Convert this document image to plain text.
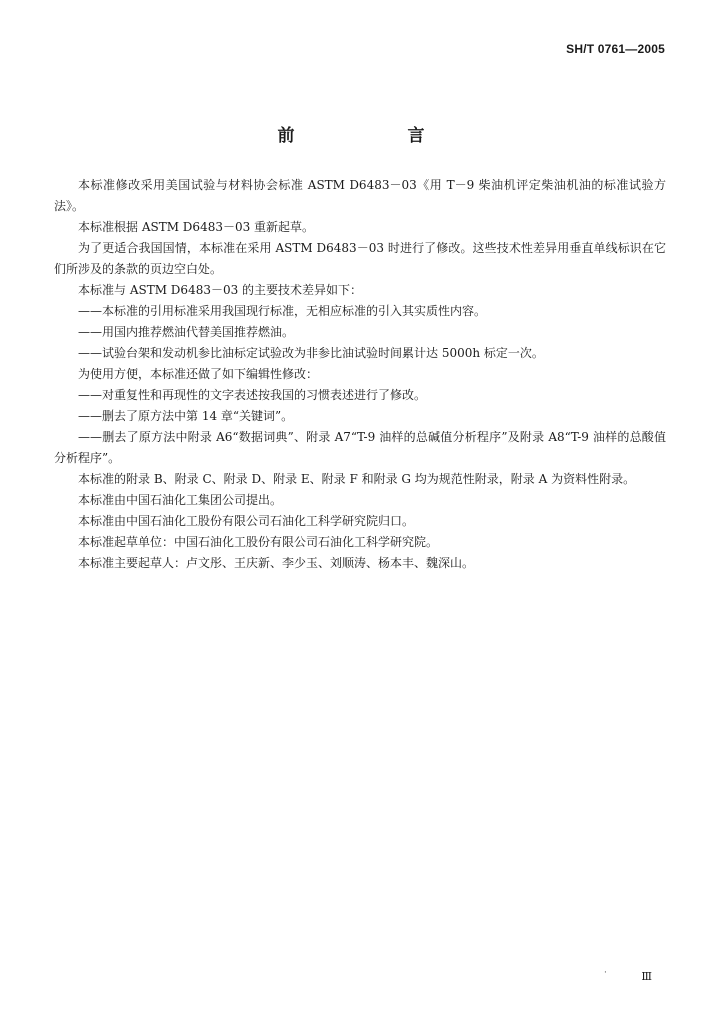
SH/T 0761—2005
前　言

本标准修改采用美国试验与材料协会标准 ASTM D6483－03《用 T－9 柴油机评定柴油机油的标准试验方法》。

本标准根据 ASTM D6483－03 重新起草。

为了更适合我国国情，本标准在采用 ASTM D6483－03 时进行了修改。这些技术性差异用垂直单线标识在它们所涉及的条款的页边空白处。

本标准与 ASTM D6483－03 的主要技术差异如下：

——本标准的引用标准采用我国现行标准，无相应标准的引入其实质性内容。

——用国内推荐燃油代替美国推荐燃油。

——试验台架和发动机参比油标定试验改为非参比油试验时间累计达 5000h 标定一次。

为使用方便，本标准还做了如下编辑性修改：

——对重复性和再现性的文字表述按我国的习惯表述进行了修改。

——删去了原方法中第 14 章“关键词”。

——删去了原方法中附录 A6“数据词典”、附录 A7“T-9 油样的总碱值分析程序”及附录 A8“T-9 油样的总酸值分析程序”。

本标准的附录 B、附录 C、附录 D、附录 E、附录 F 和附录 G 均为规范性附录，附录 A 为资料性附录。

本标准由中国石油化工集团公司提出。

本标准由中国石油化工股份有限公司石油化工科学研究院归口。

本标准起草单位：中国石油化工股份有限公司石油化工科学研究院。

本标准主要起草人：卢文彤、王庆新、李少玉、刘顺涛、杨本丰、魏深山。

·	Ⅲ
